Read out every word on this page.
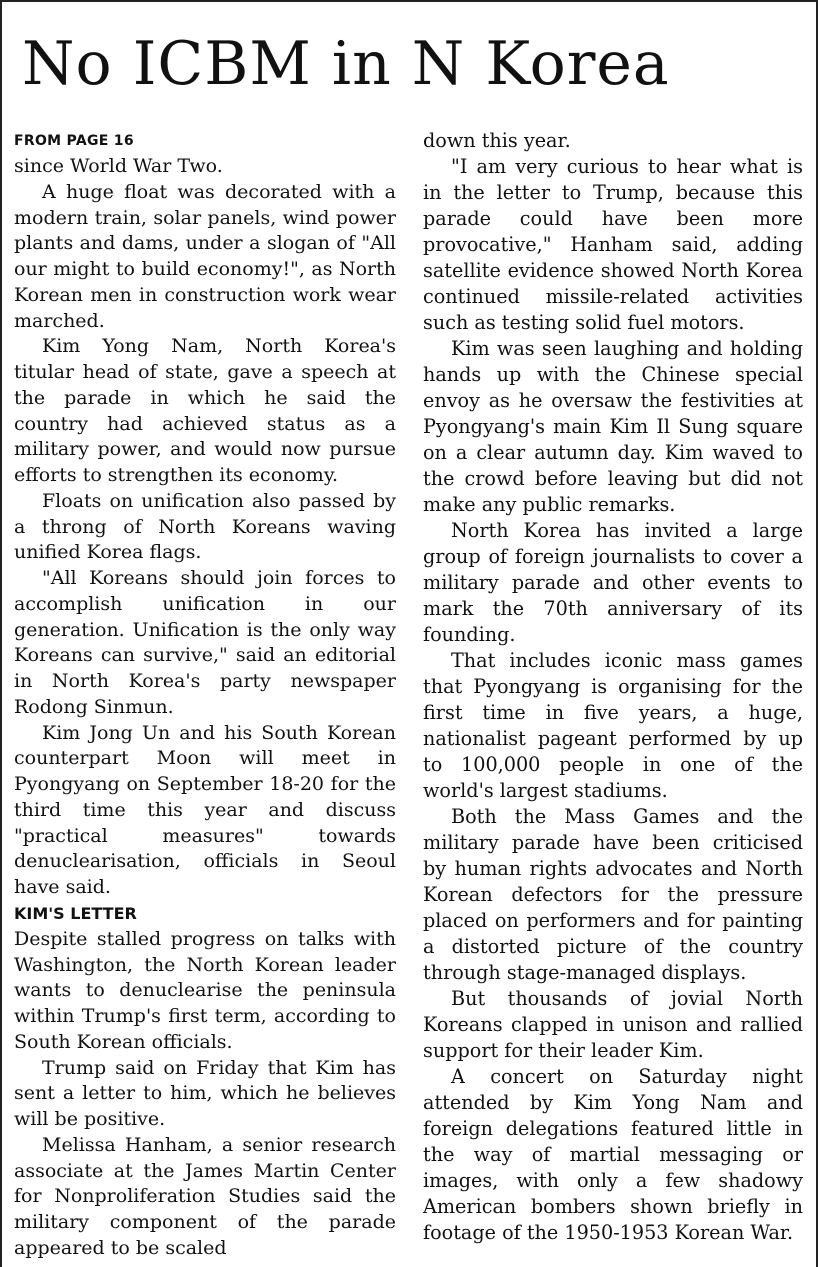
No ICBM in N Korea
FROM PAGE 16

since World War Two.

A huge float was decorated with a modern train, solar panels, wind power plants and dams, under a slogan of "All our might to build economy!", as North Korean men in construction work wear marched.

Kim Yong Nam, North Korea's titular head of state, gave a speech at the parade in which he said the country had achieved status as a military power, and would now pursue efforts to strengthen its economy.

Floats on unification also passed by a throng of North Koreans waving unified Korea flags.

"All Koreans should join forces to accomplish unification in our generation. Unification is the only way Koreans can survive," said an editorial in North Korea's party newspaper Rodong Sinmun.

Kim Jong Un and his South Korean counterpart Moon will meet in Pyongyang on September 18-20 for the third time this year and discuss "practical measures" towards denuclearisation, officials in Seoul have said.

KIM'S LETTER

Despite stalled progress on talks with Washington, the North Korean leader wants to denuclearise the peninsula within Trump's first term, according to South Korean officials.

Trump said on Friday that Kim has sent a letter to him, which he believes will be positive.

Melissa Hanham, a senior research associate at the James Martin Center for Nonproliferation Studies said the military component of the parade appeared to be scaled

down this year.

"I am very curious to hear what is in the letter to Trump, because this parade could have been more provocative," Hanham said, adding satellite evidence showed North Korea continued missile-related activities such as testing solid fuel motors.

Kim was seen laughing and holding hands up with the Chinese special envoy as he oversaw the festivities at Pyongyang's main Kim Il Sung square on a clear autumn day. Kim waved to the crowd before leaving but did not make any public remarks.

North Korea has invited a large group of foreign journalists to cover a military parade and other events to mark the 70th anniversary of its founding.

That includes iconic mass games that Pyongyang is organising for the first time in five years, a huge, nationalist pageant performed by up to 100,000 people in one of the world's largest stadiums.

Both the Mass Games and the military parade have been criticised by human rights advocates and North Korean defectors for the pressure placed on performers and for painting a distorted picture of the country through stage-managed displays.

But thousands of jovial North Koreans clapped in unison and rallied support for their leader Kim.

A concert on Saturday night attended by Kim Yong Nam and foreign delegations featured little in the way of martial messaging or images, with only a few shadowy American bombers shown briefly in footage of the 1950-1953 Korean War.
